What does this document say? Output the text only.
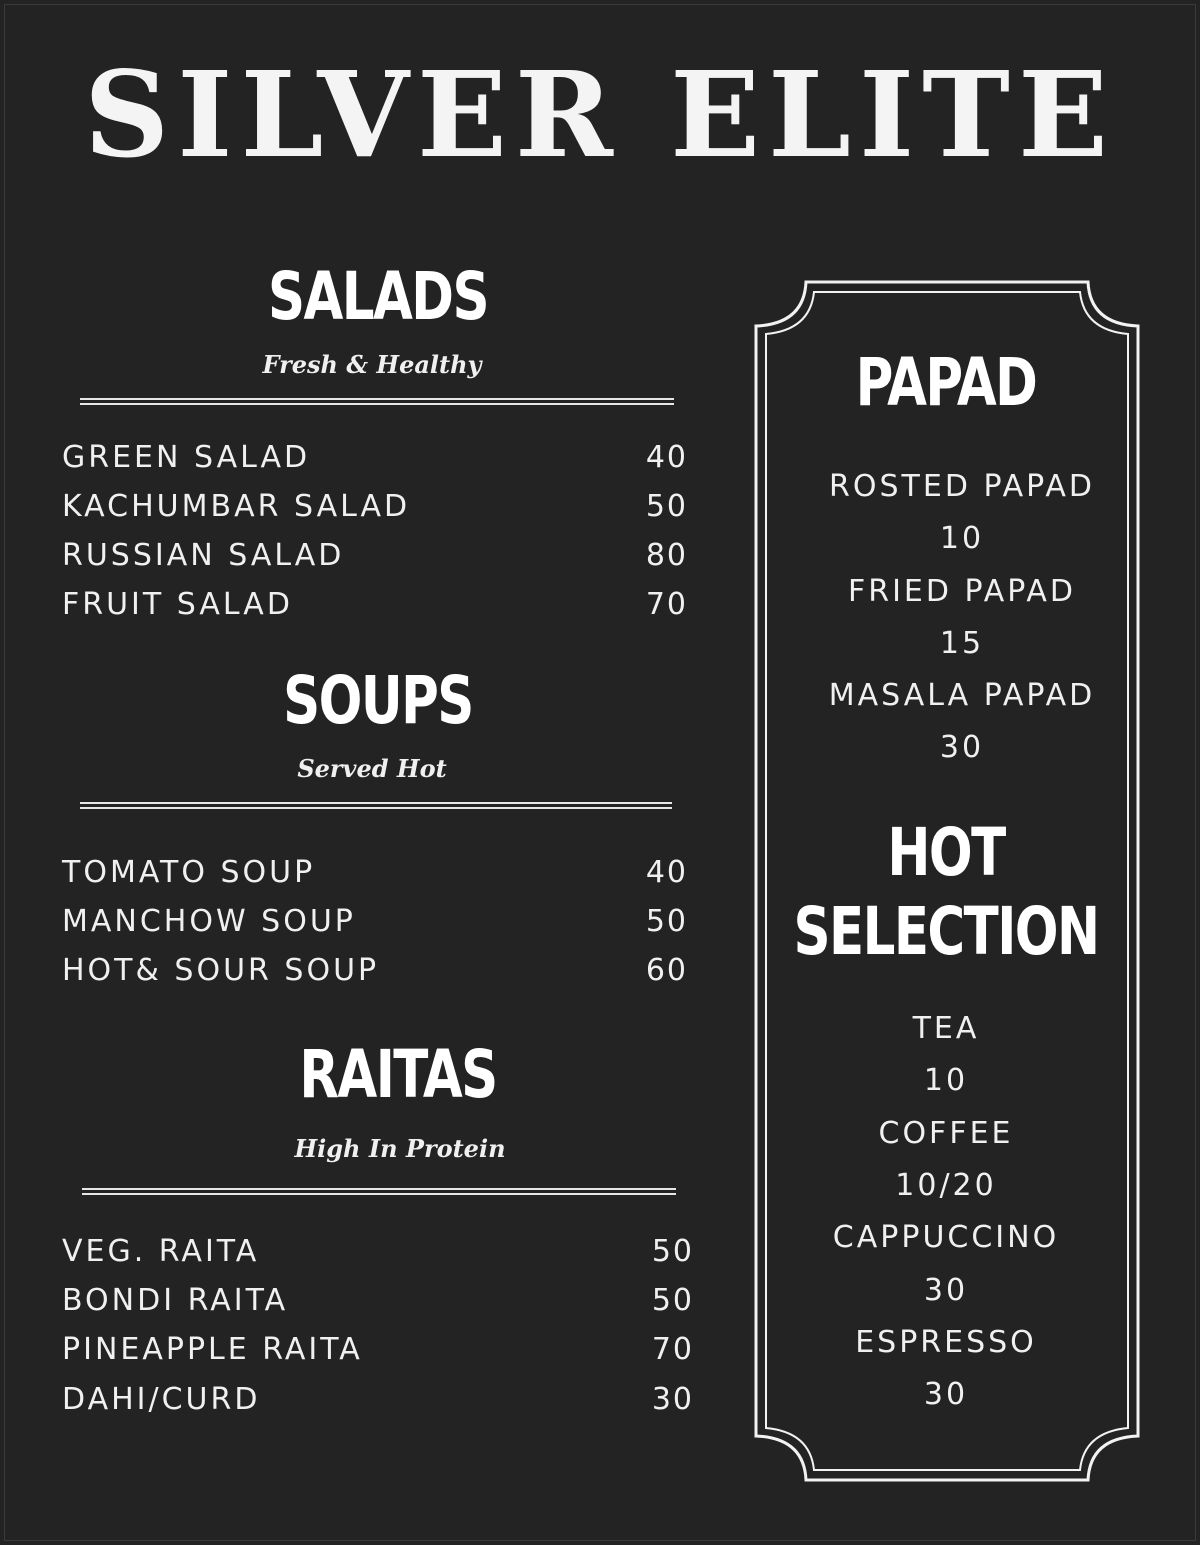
SILVER ELITE
SALADS
Fresh & Healthy
GREEN SALAD	40
KACHUMBAR SALAD	50
RUSSIAN SALAD	80
FRUIT SALAD	70
SOUPS
Served Hot
TOMATO SOUP	40
MANCHOW SOUP	50
HOT& SOUR SOUP	60
RAITAS
High In Protein
VEG. RAITA	50
BONDI RAITA	50
PINEAPPLE RAITA	70
DAHI/CURD	30
PAPAD
ROSTED PAPAD
10
FRIED PAPAD
15
MASALA PAPAD
30
HOT
SELECTION
TEA
10
COFFEE
10/20
CAPPUCCINO
30
ESPRESSO
30
